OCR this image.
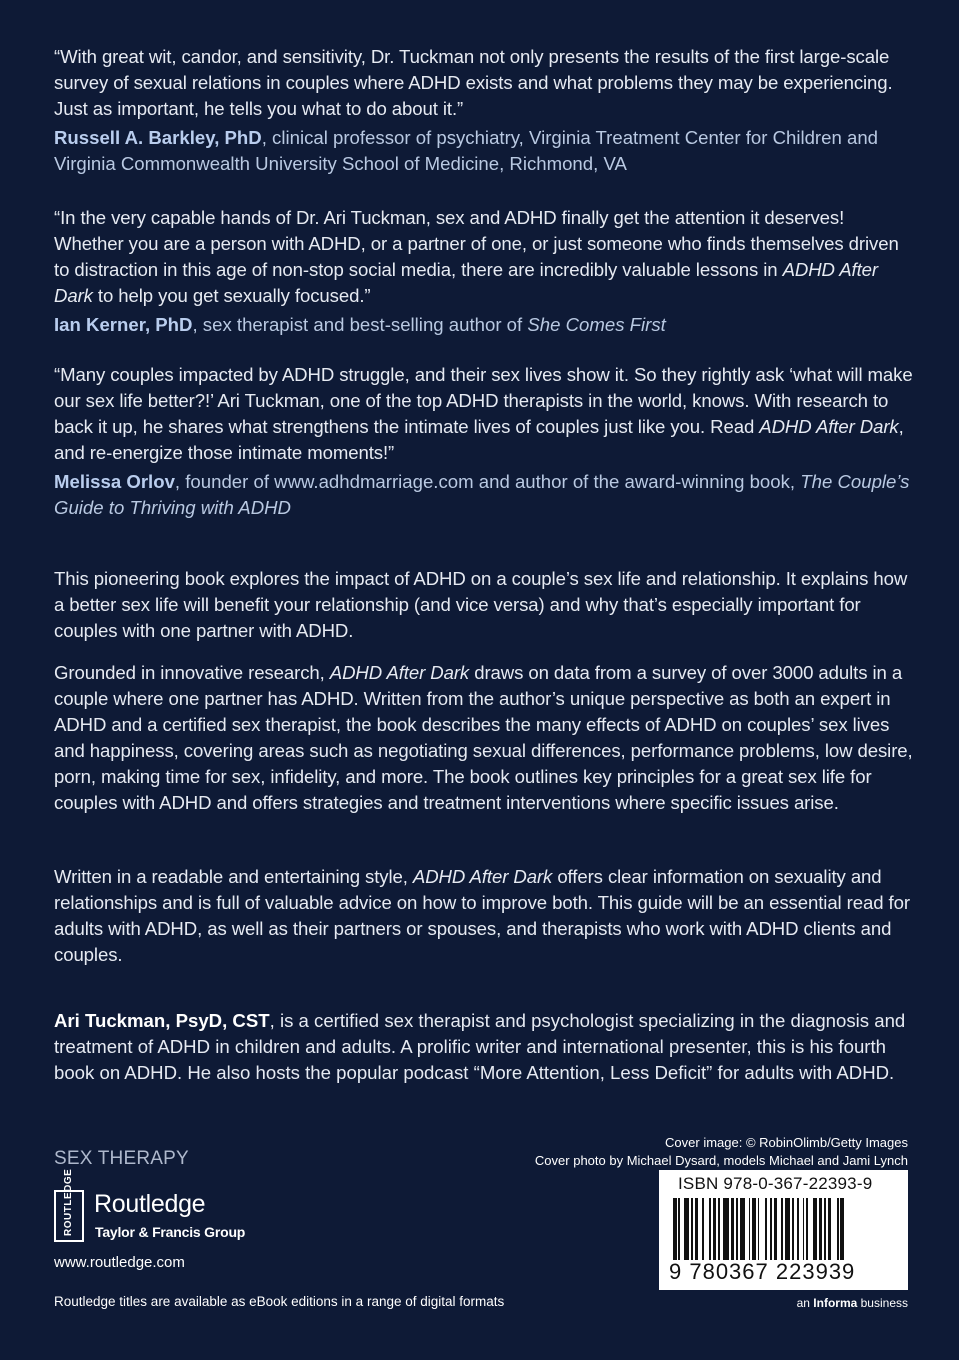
“With great wit, candor, and sensitivity, Dr. Tuckman not only presents the results of the first large-scale survey of sexual relations in couples where ADHD exists and what problems they may be experiencing. Just as important, he tells you what to do about it.”

Russell A. Barkley, PhD, clinical professor of psychiatry, Virginia Treatment Center for Children and Virginia Commonwealth University School of Medicine, Richmond, VA

“In the very capable hands of Dr. Ari Tuckman, sex and ADHD finally get the attention it deserves! Whether you are a person with ADHD, or a partner of one, or just someone who finds themselves driven to distraction in this age of non-stop social media, there are incredibly valuable lessons in ADHD After Dark to help you get sexually focused.”

Ian Kerner, PhD, sex therapist and best-selling author of She Comes First

“Many couples impacted by ADHD struggle, and their sex lives show it. So they rightly ask ‘what will make our sex life better?!’ Ari Tuckman, one of the top ADHD therapists in the world, knows. With research to back it up, he shares what strengthens the intimate lives of couples just like you. Read ADHD After Dark, and re-energize those intimate moments!”

Melissa Orlov, founder of www.adhdmarriage.com and author of the award-winning book, The Couple’s Guide to Thriving with ADHD

This pioneering book explores the impact of ADHD on a couple’s sex life and relationship. It explains how a better sex life will benefit your relationship (and vice versa) and why that’s especially important for couples with one partner with ADHD.

Grounded in innovative research, ADHD After Dark draws on data from a survey of over 3000 adults in a couple where one partner has ADHD. Written from the author’s unique perspective as both an expert in ADHD and a certified sex therapist, the book describes the many effects of ADHD on couples’ sex lives and happiness, covering areas such as negotiating sexual differences, performance problems, low desire, porn, making time for sex, infidelity, and more. The book outlines key principles for a great sex life for couples with ADHD and offers strategies and treatment interventions where specific issues arise.

Written in a readable and entertaining style, ADHD After Dark offers clear information on sexuality and relationships and is full of valuable advice on how to improve both. This guide will be an essential read for adults with ADHD, as well as their partners or spouses, and therapists who work with ADHD clients and couples.

Ari Tuckman, PsyD, CST, is a certified sex therapist and psychologist specializing in the diagnosis and treatment of ADHD in children and adults. A prolific writer and international presenter, this is his fourth book on ADHD. He also hosts the popular podcast “More Attention, Less Deficit” for adults with ADHD.

SEX THERAPY
ROUTLEDGE Routledge
Taylor & Francis Group
www.routledge.com
Routledge titles are available as eBook editions in a range of digital formats
Cover image: © RobinOlimb/Getty Images
Cover photo by Michael Dysard, models Michael and Jami Lynch
ISBN 978-0-367-22393-9
9 780367 223939
an Informa business
